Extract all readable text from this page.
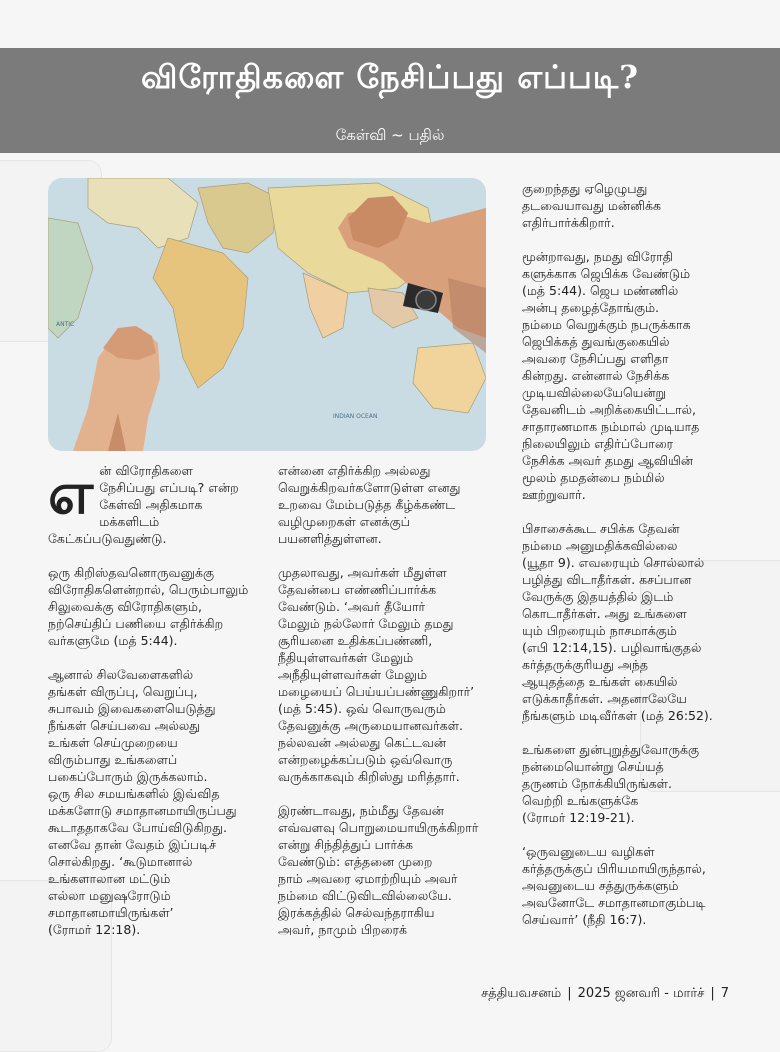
விரோதிகளை நேசிப்பது எப்படி?
கேள்வி ~ பதில்
ANTIC
INDIAN OCEAN
எ ன் விரோதிகளை
நேசிப்பது எப்படி? என்ற
கேள்வி அதிகமாக
மக்களிடம் கேட்கப்படுவதுண்டு.

ஒரு கிறிஸ்தவனொருவனுக்கு
விரோதிகளென்றால், பெரும்பாலும்
சிலுவைக்கு விரோதிகளும்,
நற்செய்திப் பணியை எதிர்க்கிற
வர்களுமே (மத் 5:44).

ஆனால் சிலவேளைகளில்
தங்கள் விருப்பு, வெறுப்பு,
சுபாவம் இவைகளையெடுத்து
நீங்கள் செய்பவை அல்லது
உங்கள் செய்முறையை
விரும்பாது உங்களைப்
பகைப்போரும் இருக்கலாம்.
ஒரு சில சமயங்களில் இவ்வித
மக்களோடு சமாதானமாயிருப்பது
கூடாததாகவே போய்விடுகிறது.
எனவே தான் வேதம் இப்படிச்
சொல்கிறது. ‘கூடுமானால்
உங்களாலான மட்டும்
எல்லா மனுஷரோடும்
சமாதானமாயிருங்கள்’
(ரோமர் 12:18).

என்னை எதிர்க்கிற அல்லது
வெறுக்கிறவர்களோடுள்ள எனது
உறவை மேம்படுத்த கீழ்க்கண்ட
வழிமுறைகள் எனக்குப்
பயனளித்துள்ளன.

முதலாவது, அவர்கள் மீதுள்ள
தேவன்பை எண்ணிப்பார்க்க
வேண்டும். ‘அவர் தீயோர்
மேலும் நல்லோர் மேலும் தமது
சூரியனை உதிக்கப்பண்ணி,
நீதியுள்ளவர்கள் மேலும்
அநீதியுள்ளவர்கள் மேலும்
மழையைப் பெய்யப்பண்ணுகிறார்’
(மத் 5:45). ஒவ் வொருவரும்
தேவனுக்கு அருமையானவர்கள்.
நல்லவன் அல்லது கெட்டவன்
என்றழைக்கப்படும் ஒவ்வொரு
வருக்காகவும் கிறிஸ்து மரித்தார்.

இரண்டாவது, நம்மீது தேவன்
எவ்வளவு பொறுமையாயிருக்கிறார்
என்று சிந்தித்துப் பார்க்க
வேண்டும்: எத்தனை முறை
நாம் அவரை ஏமாற்றியும் அவர்
நம்மை விட்டுவிடவில்லையே.
இரக்கத்தில் செல்வந்தராகிய
அவர், நாமும் பிறரைக்

குறைந்தது ஏழெழுபது
தடவையாவது மன்னிக்க
எதிர்பார்க்கிறார்.

மூன்றாவது, நமது விரோதி
களுக்காக ஜெபிக்க வேண்டும்
(மத் 5:44). ஜெப மண்ணில்
அன்பு தழைத்தோங்கும்.
நம்மை வெறுக்கும் நபருக்காக
ஜெபிக்கத் துவங்குகையில்
அவரை நேசிப்பது எளிதா
கின்றது. என்னால் நேசிக்க
முடியவில்லையேயென்று
தேவனிடம் அறிக்கையிட்டால்,
சாதாரணமாக நம்மால் முடியாத
நிலையிலும் எதிர்ப்போரை
நேசிக்க அவர் தமது ஆவியின்
மூலம் தமதன்பை நம்மில்
ஊற்றுவார்.

பிசாசைக்கூட சபிக்க தேவன்
நம்மை அனுமதிக்கவில்லை
(யூதா 9). எவரையும் சொல்லால்
பழித்து விடாதீர்கள். கசப்பான
வேருக்கு இதயத்தில் இடம்
கொடாதீர்கள். அது உங்களை
யும் பிறரையும் நாசமாக்கும்
(எபி 12:14,15). பழிவாங்குதல்
கர்த்தருக்குரியது அந்த
ஆயுதத்தை உங்கள் கையில்
எடுக்காதீர்கள். அதனாலேயே
நீங்களும் மடிவீர்கள் (மத் 26:52).

உங்களை துன்புறுத்துவோருக்கு
நன்மையொன்று செய்யத்
தருணம் நோக்கியிருங்கள்.
வெற்றி உங்களுக்கே
(ரோமர் 12:19-21).

‘ஒருவனுடைய வழிகள்
கர்த்தருக்குப் பிரியமாயிருந்தால்,
அவனுடைய சத்துருக்களும்
அவனோடே சமாதானமாகும்படி
செய்வார்’ (நீதி 16:7).

சத்தியவசனம் | 2025 ஜனவரி - மார்ச் | 7
